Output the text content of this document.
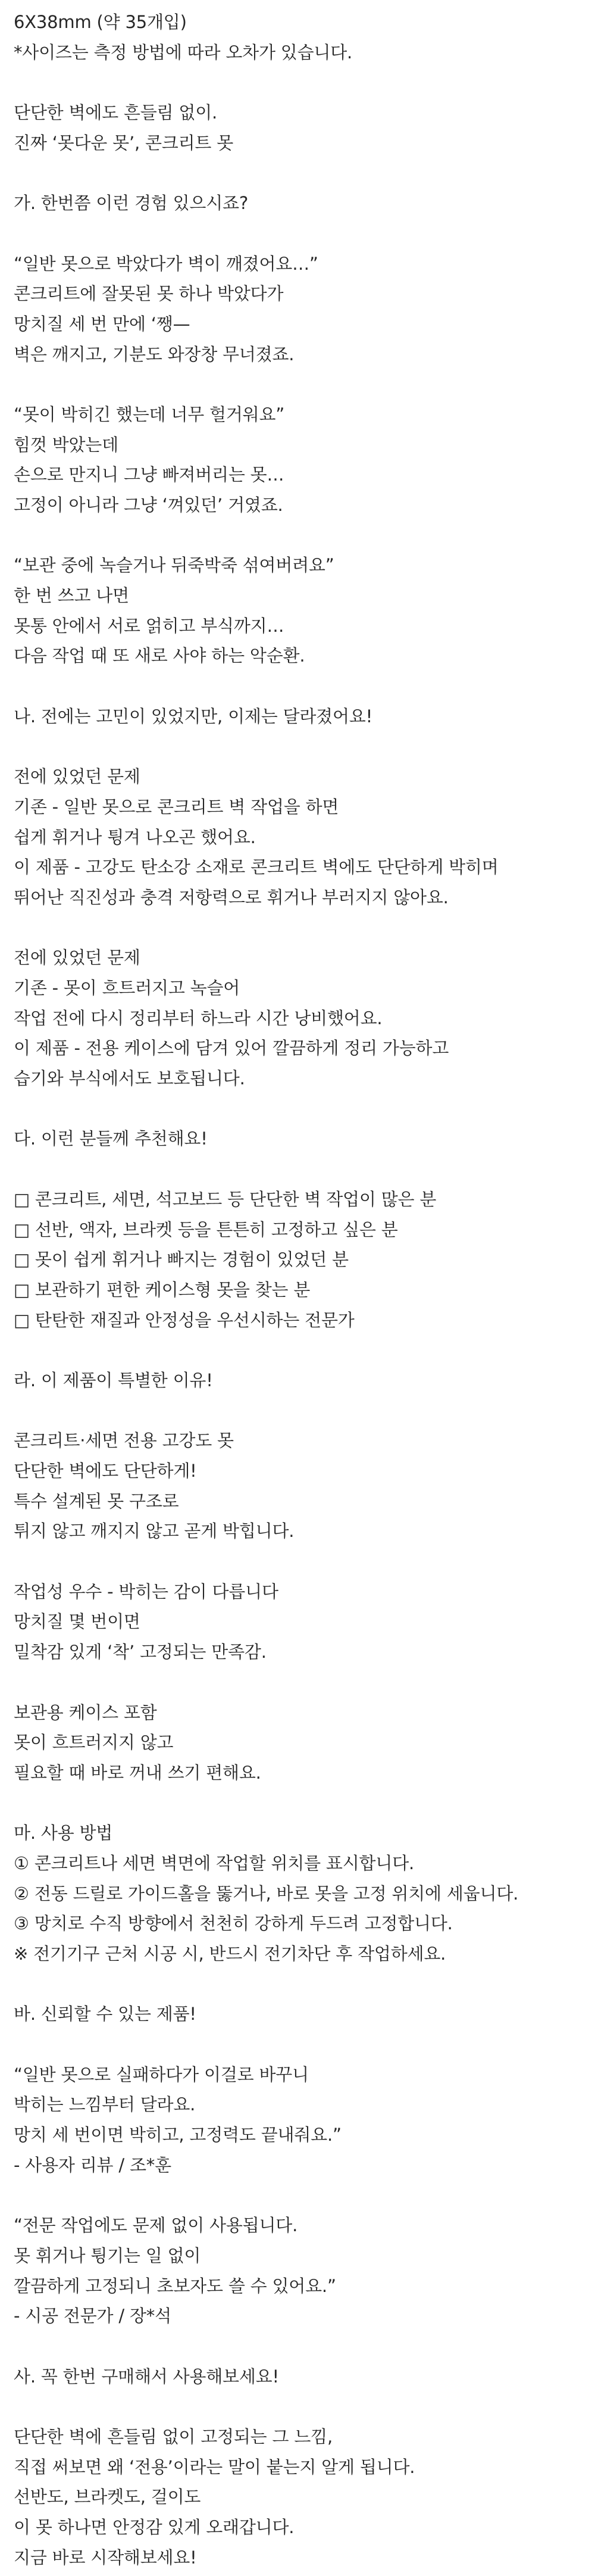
6X38mm (약 35개입)
*사이즈는 측정 방법에 따라 오차가 있습니다.
단단한 벽에도 흔들림 없이.
진짜 ‘못다운 못’, 콘크리트 못
가. 한번쯤 이런 경험 있으시죠?
“일반 못으로 박았다가 벽이 깨졌어요…”
콘크리트에 잘못된 못 하나 박았다가
망치질 세 번 만에 ‘쨍—
벽은 깨지고, 기분도 와장창 무너졌죠.
“못이 박히긴 했는데 너무 헐거워요”
힘껏 박았는데
손으로 만지니 그냥 빠져버리는 못…
고정이 아니라 그냥 ‘껴있던’ 거였죠.
“보관 중에 녹슬거나 뒤죽박죽 섞여버려요”
한 번 쓰고 나면
못통 안에서 서로 얽히고 부식까지…
다음 작업 때 또 새로 사야 하는 악순환.
나. 전에는 고민이 있었지만, 이제는 달라졌어요!
전에 있었던 문제
기존 - 일반 못으로 콘크리트 벽 작업을 하면
쉽게 휘거나 튕겨 나오곤 했어요.
이 제품 - 고강도 탄소강 소재로 콘크리트 벽에도 단단하게 박히며
뛰어난 직진성과 충격 저항력으로 휘거나 부러지지 않아요.
전에 있었던 문제
기존 - 못이 흐트러지고 녹슬어
작업 전에 다시 정리부터 하느라 시간 낭비했어요.
이 제품 - 전용 케이스에 담겨 있어 깔끔하게 정리 가능하고
습기와 부식에서도 보호됩니다.
다. 이런 분들께 추천해요!
□ 콘크리트, 세면, 석고보드 등 단단한 벽 작업이 많은 분
□ 선반, 액자, 브라켓 등을 튼튼히 고정하고 싶은 분
□ 못이 쉽게 휘거나 빠지는 경험이 있었던 분
□ 보관하기 편한 케이스형 못을 찾는 분
□ 탄탄한 재질과 안정성을 우선시하는 전문가
라. 이 제품이 특별한 이유!
콘크리트·세면 전용 고강도 못
단단한 벽에도 단단하게!
특수 설계된 못 구조로
튀지 않고 깨지지 않고 곧게 박힙니다.
작업성 우수 - 박히는 감이 다릅니다
망치질 몇 번이면
밀착감 있게 ‘착’ 고정되는 만족감.
보관용 케이스 포함
못이 흐트러지지 않고
필요할 때 바로 꺼내 쓰기 편해요.
마. 사용 방법
① 콘크리트나 세면 벽면에 작업할 위치를 표시합니다.
② 전동 드릴로 가이드홀을 뚫거나, 바로 못을 고정 위치에 세웁니다.
③ 망치로 수직 방향에서 천천히 강하게 두드려 고정합니다.
※ 전기기구 근처 시공 시, 반드시 전기차단 후 작업하세요.
바. 신뢰할 수 있는 제품!
“일반 못으로 실패하다가 이걸로 바꾸니
박히는 느낌부터 달라요.
망치 세 번이면 박히고, 고정력도 끝내줘요.”
- 사용자 리뷰 / 조*훈
“전문 작업에도 문제 없이 사용됩니다.
못 휘거나 튕기는 일 없이
깔끔하게 고정되니 초보자도 쓸 수 있어요.”
- 시공 전문가 / 장*석
사. 꼭 한번 구매해서 사용해보세요!
단단한 벽에 흔들림 없이 고정되는 그 느낌,
직접 써보면 왜 ‘전용’이라는 말이 붙는지 알게 됩니다.
선반도, 브라켓도, 걸이도
이 못 하나면 안정감 있게 오래갑니다.
지금 바로 시작해보세요!
